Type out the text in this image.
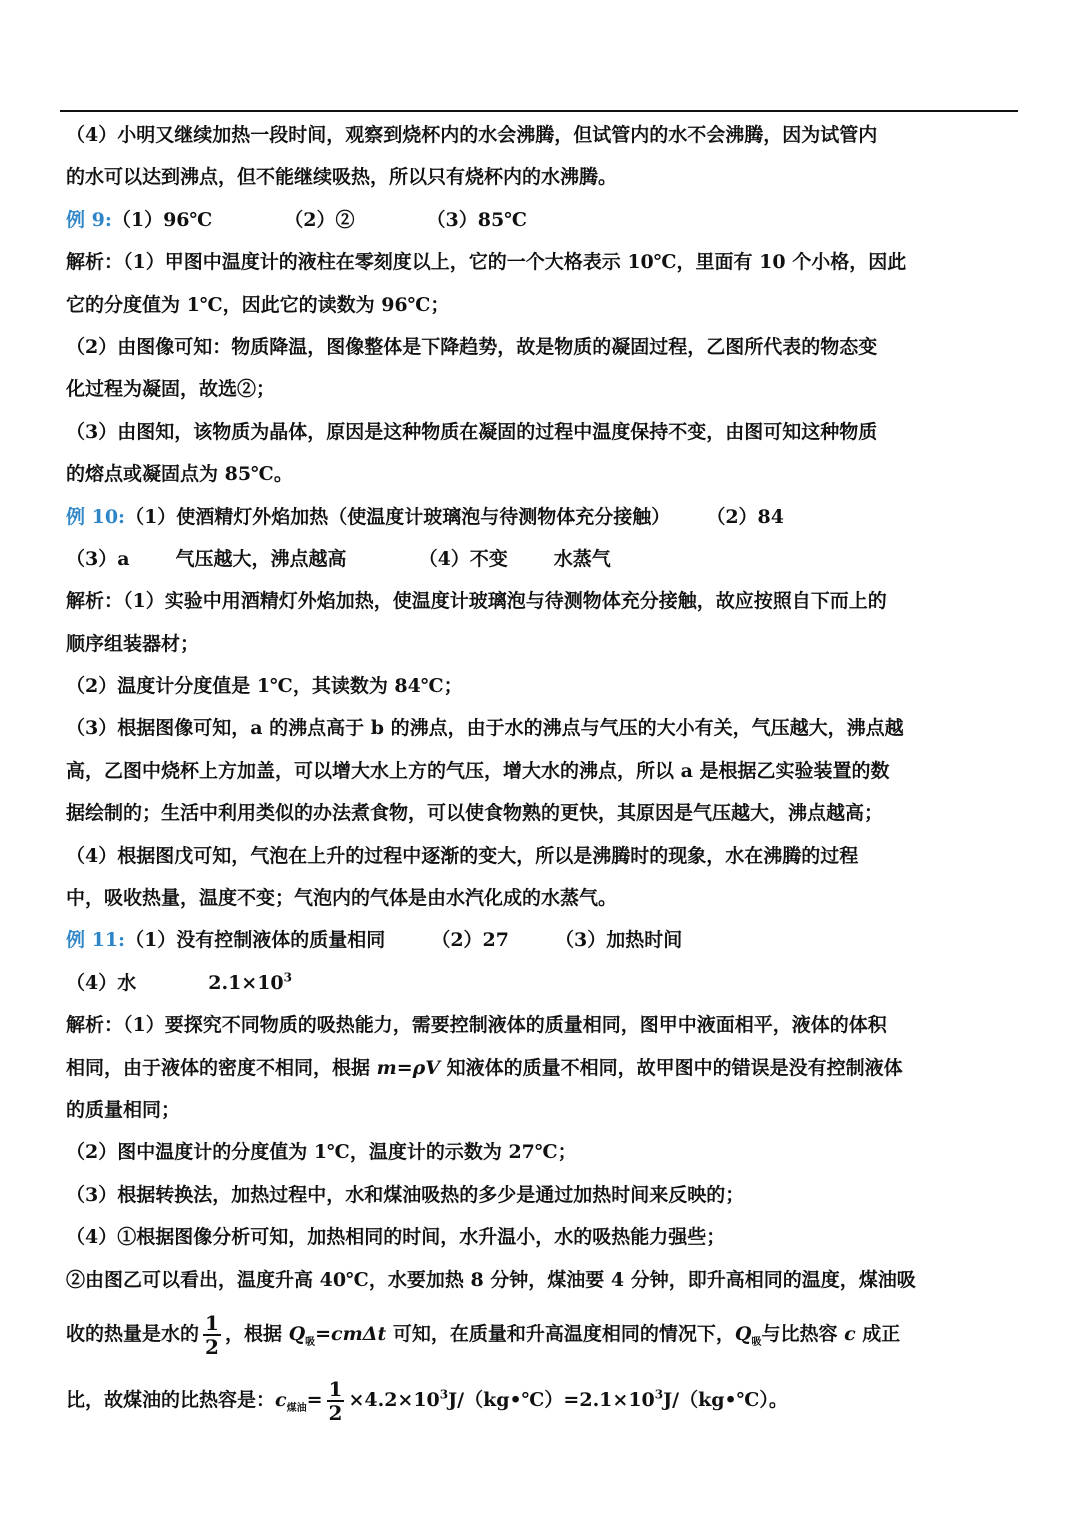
（4）小明又继续加热一段时间，观察到烧杯内的水会沸腾，但试管内的水不会沸腾，因为试管内
的水可以达到沸点，但不能继续吸热，所以只有烧杯内的水沸腾。
例 9:（1）96℃	（2）②	（3）85℃
解析：（1）甲图中温度计的液柱在零刻度以上，它的一个大格表示 10℃，里面有 10 个小格，因此
它的分度值为 1℃，因此它的读数为 96℃；
（2）由图像可知：物质降温，图像整体是下降趋势，故是物质的凝固过程，乙图所代表的物态变
化过程为凝固，故选②；
（3）由图知，该物质为晶体，原因是这种物质在凝固的过程中温度保持不变，由图可知这种物质
的熔点或凝固点为 85℃。
例 10:（1）使酒精灯外焰加热（使温度计玻璃泡与待测物体充分接触） （2）84
（3）a 气压越大，沸点越高	（4）不变 水蒸气
解析：（1）实验中用酒精灯外焰加热，使温度计玻璃泡与待测物体充分接触，故应按照自下而上的
顺序组装器材；
（2）温度计分度值是 1℃，其读数为 84℃；
（3）根据图像可知，a 的沸点高于 b 的沸点，由于水的沸点与气压的大小有关，气压越大，沸点越
高，乙图中烧杯上方加盖，可以增大水上方的气压，增大水的沸点，所以 a 是根据乙实验装置的数
据绘制的；生活中利用类似的办法煮食物，可以使食物熟的更快，其原因是气压越大，沸点越高；
（4）根据图戊可知，气泡在上升的过程中逐渐的变大，所以是沸腾时的现象，水在沸腾的过程
中，吸收热量，温度不变；气泡内的气体是由水汽化成的水蒸气。
例 11:（1）没有控制液体的质量相同 （2）27 （3）加热时间
（4）水	$2.1\times 10^3$
解析：（1）要探究不同物质的吸热能力，需要控制液体的质量相同，图甲中液面相平，液体的体积
相同，由于液体的密度不相同，根据 m=ρV 知液体的质量不相同，故甲图中的错误是没有控制液体
的质量相同；
（2）图中温度计的分度值为 1℃，温度计的示数为 27℃；
（3）根据转换法，加热过程中，水和煤油吸热的多少是通过加热时间来反映的；
（4）①根据图像分析可知，加热相同的时间，水升温小，水的吸热能力强些；
②由图乙可以看出，温度升高 40℃，水要加热 8 分钟，煤油要 4 分钟，即升高相同的温度，煤油吸
收的热量是水的 $\frac{1}{2}$ ，根据 $Q_吸=cm\Delta t$ 可知，在质量和升高温度相同的情况下，$Q_吸$与比热容 c 成正
比，故煤油的比热容是：$c_{煤油}= \frac{1}{2}$ $\times 4.2\times 10^3J/(kg•℃)=2.1\times 10^3J/(kg•℃)$。
